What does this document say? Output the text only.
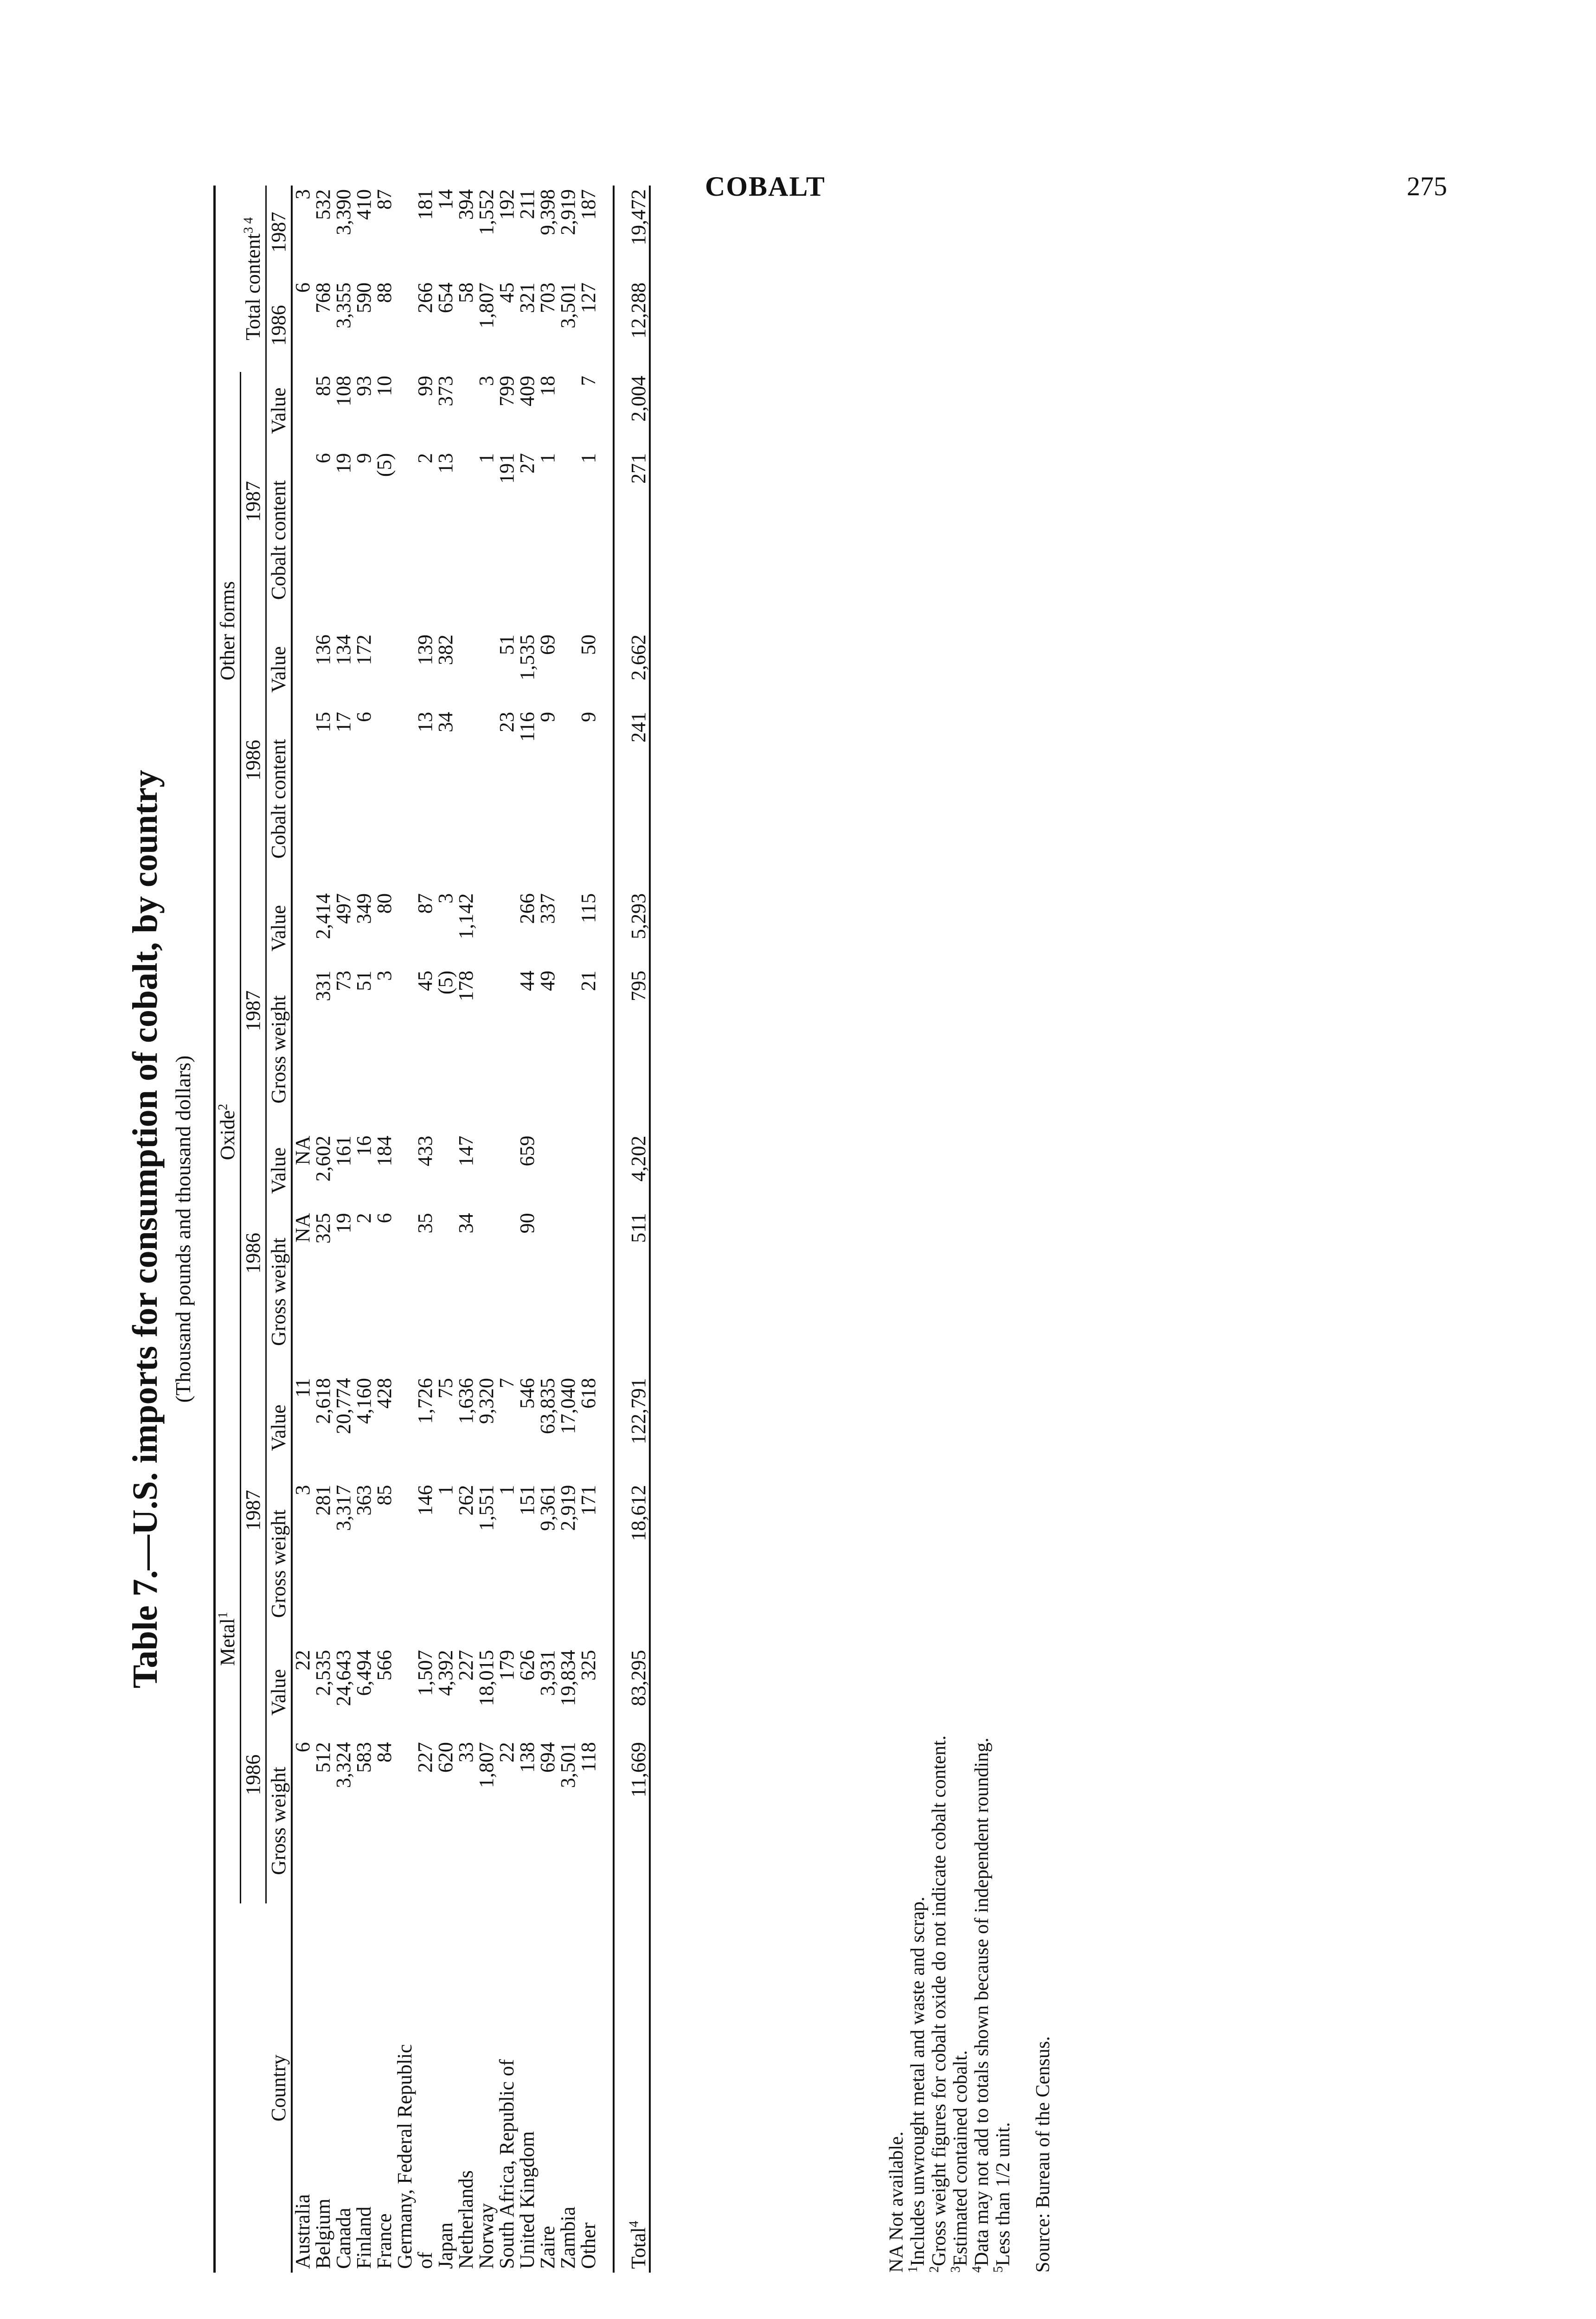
COBALT	275
Table 7.—U.S. imports for consumption of cobalt, by country (Thousand pounds and thousand dollars)
Country	Metal$^1$				Oxide$^2$				Other forms				Total content$^{3 4}$
	1986		1987		1986		1987		1986		1987			
	Gross weight	Value	Gross weight	Value	Gross weight	Value	Gross weight	Value	Cobalt content	Value	Cobalt content	Value	1986	1987
Australia	6	22	3	11	NA	NA							6	3
Belgium	512	2,535	281	2,618	325	2,602	331	2,414	15	136	6	85	768	532
Canada	3,324	24,643	3,317	20,774	19	161	73	497	17	134	19	108	3,355	3,390
Finland	583	6,494	363	4,160	2	16	51	349	6	172	9	93	590	410
France	84	566	85	428	6	184	3	80			(5)	10	88	87
Germany, Federal Republic														
of	227	1,507	146	1,726	35	433	45	87	13	139	2	99	266	181
Japan	620	4,392	1	75			(5)	3	34	382	13	373	654	14
Netherlands	33	227	262	1,636	34	147	178	1,142					58	394
Norway	1,807	18,015	1,551	9,320							1	3	1,807	1,552
South Africa, Republic of	22	179	1	7					23	51	191	799	45	192
United Kingdom	138	626	151	546	90	659	44	266	116	1,535	27	409	321	211
Zaire	694	3,931	9,361	63,835			49	337	9	69	1	18	703	9,398
Zambia	3,501	19,834	2,919	17,040									3,501	2,919
Other	118	325	171	618			21	115	9	50	1	7	127	187

Total$^4$	11,669	83,295	18,612	122,791	511	4,202	795	5,293	241	2,662	271	2,004	12,288	19,472
NA Not available.
$^1$Includes unwrought metal and waste and scrap.
$^2$Gross weight figures for cobalt oxide do not indicate cobalt content.
$^3$Estimated contained cobalt.
$^4$Data may not add to totals shown because of independent rounding.
$^5$Less than 1/2 unit. Source: Bureau of the Census.
